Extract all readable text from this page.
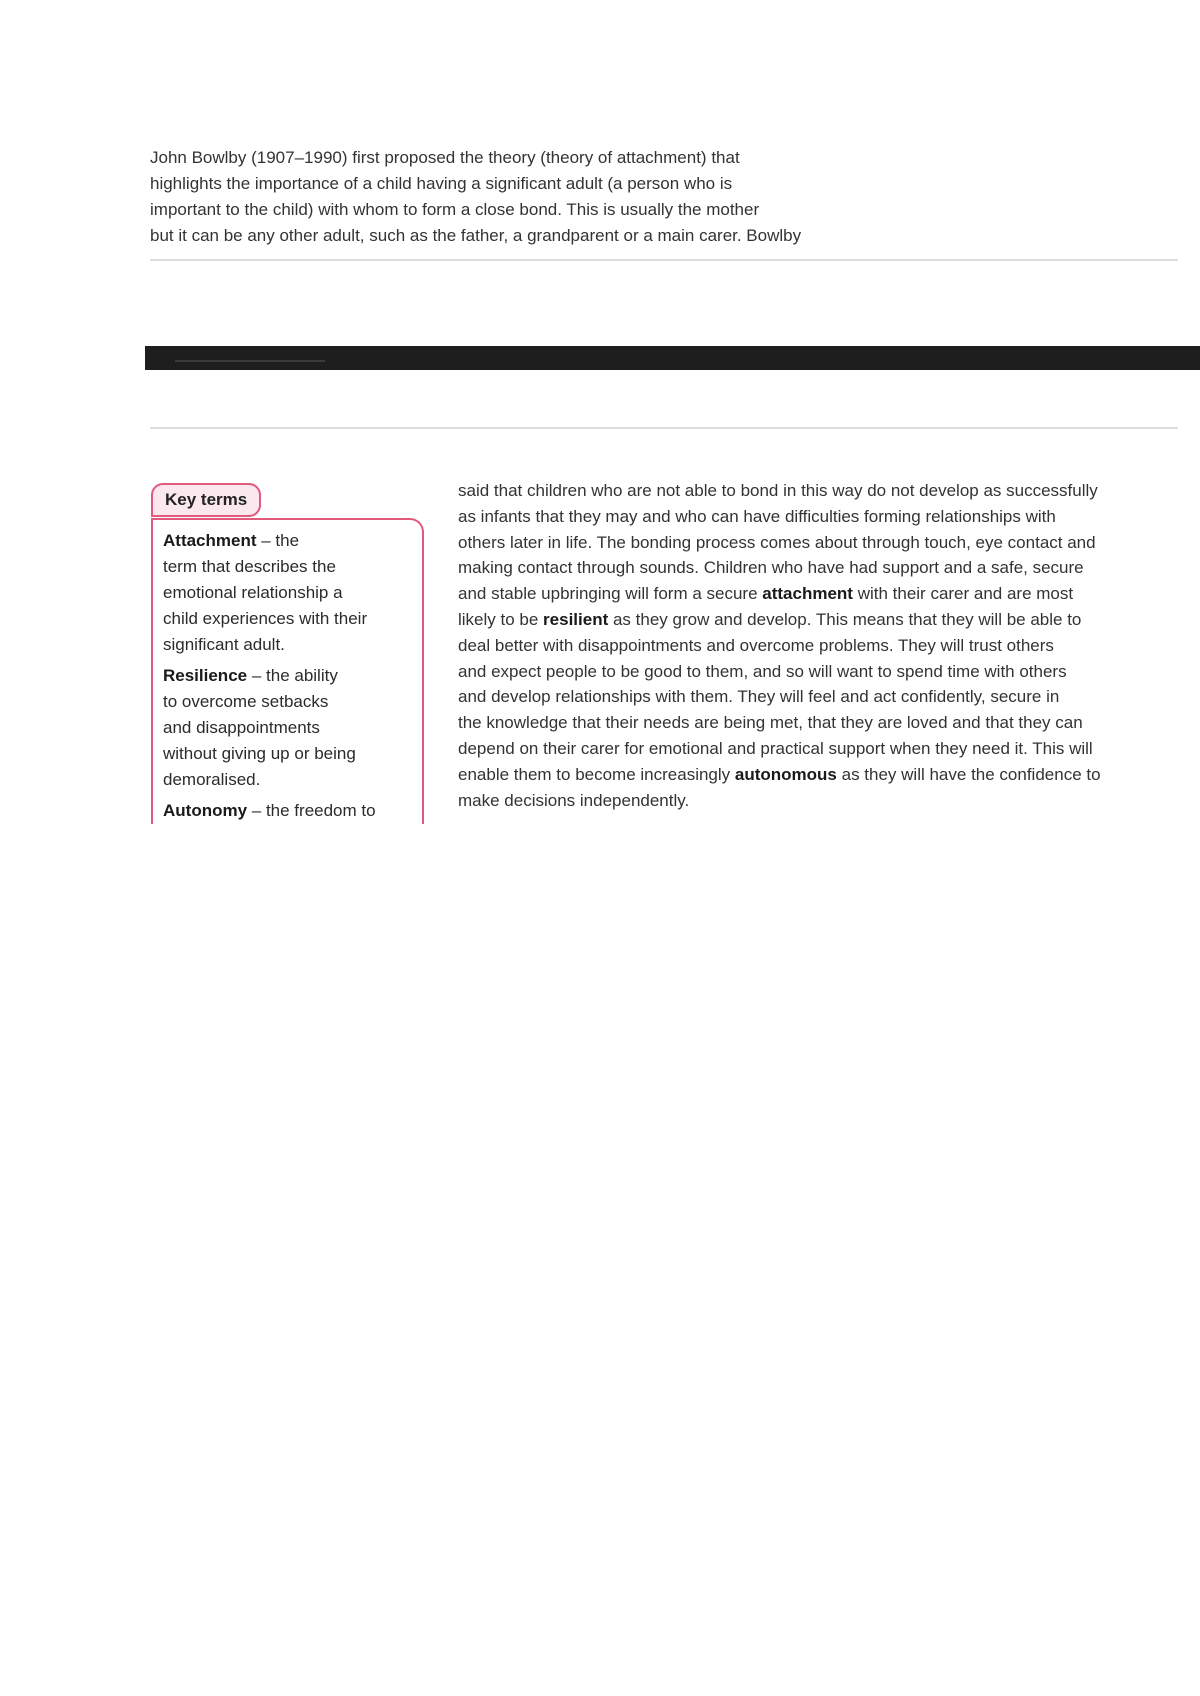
John Bowlby (1907–1990) first proposed the theory (theory of attachment) that
highlights the importance of a child having a significant adult (a person who is
important to the child) with whom to form a close bond. This is usually the mother
but it can be any other adult, such as the father, a grandparent or a main carer. Bowlby
Key terms
Attachment – the
term that describes the
emotional relationship a
child experiences with their
significant adult.
Resilience – the ability
to overcome setbacks
and disappointments
without giving up or being
demoralised.
Autonomy – the freedom to
said that children who are not able to bond in this way do not develop as successfully
as infants that they may and who can have difficulties forming relationships with
others later in life. The bonding process comes about through touch, eye contact and
making contact through sounds. Children who have had support and a safe, secure
and stable upbringing will form a secure attachment with their carer and are most
likely to be resilient as they grow and develop. This means that they will be able to
deal better with disappointments and overcome problems. They will trust others
and expect people to be good to them, and so will want to spend time with others
and develop relationships with them. They will feel and act confidently, secure in
the knowledge that their needs are being met, that they are loved and that they can
depend on their carer for emotional and practical support when they need it. This will
enable them to become increasingly autonomous as they will have the confidence to
make decisions independently.
